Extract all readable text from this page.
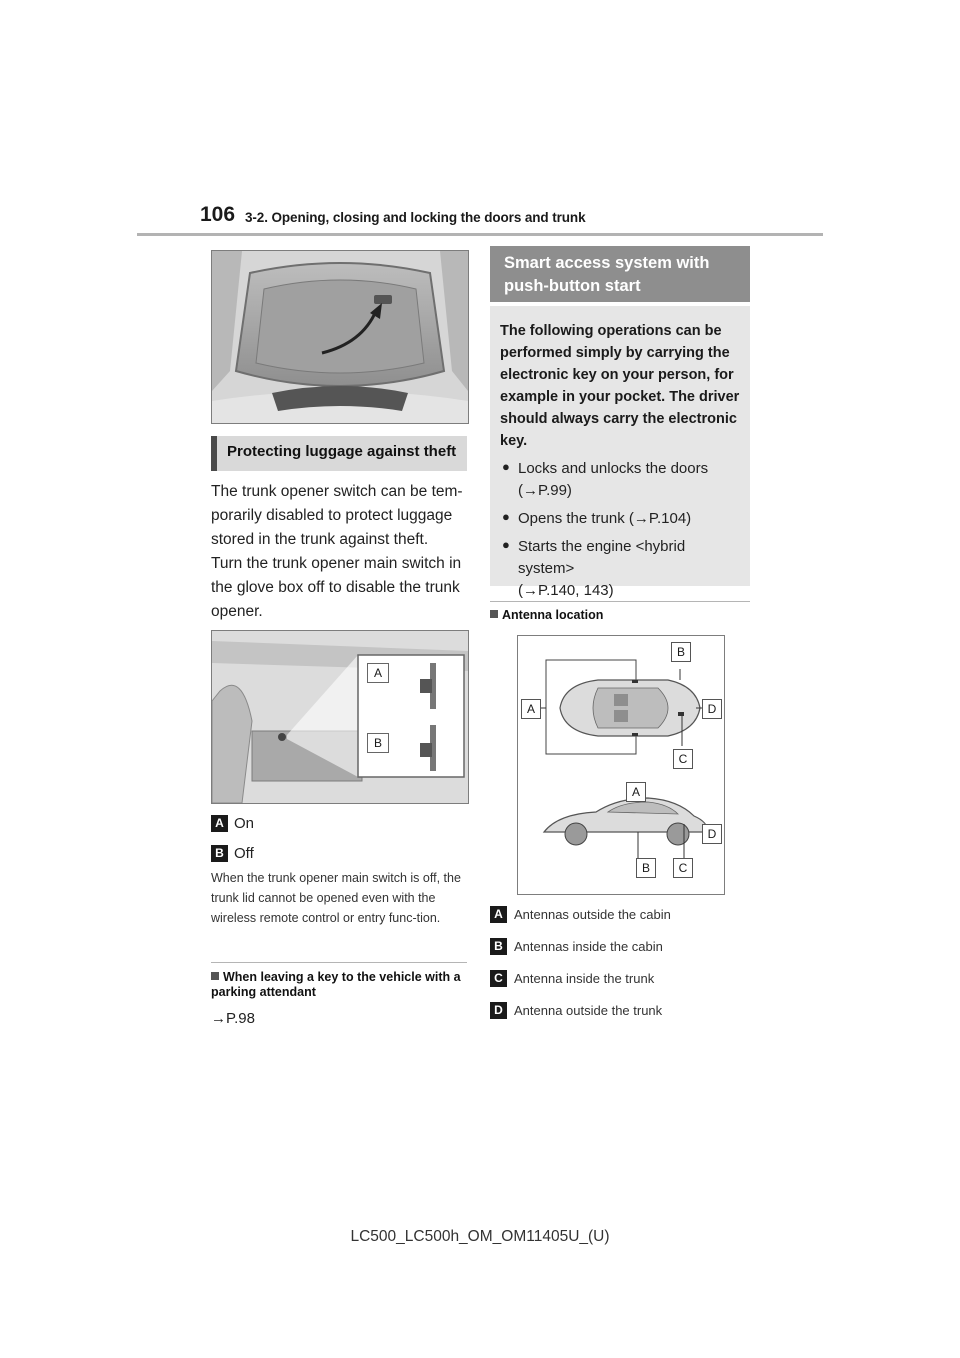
106 3-2. Opening, closing and locking the doors and trunk
Protecting luggage against theft
The trunk opener switch can be tem-porarily disabled to protect luggage stored in the trunk against theft.
Turn the trunk opener main switch in the glove box off to disable the trunk opener.
A
B
A On
B Off
When the trunk opener main switch is off, the trunk lid cannot be opened even with the wireless remote control or entry func-tion.
When leaving a key to the vehicle with a parking attendant
→P.98
Smart access system with
push-button start
The following operations can be performed simply by carrying the electronic key on your person, for example in your pocket. The driver should always carry the electronic key.
● Locks and unlocks the doors
(→P.99)
● Opens the trunk (→P.104)
● Starts the engine <hybrid system>
(→P.140, 143)
Antenna location
A
B
D
C
A
D
B	C
A Antennas outside the cabin
B Antennas inside the cabin
C Antenna inside the trunk
D Antenna outside the trunk
LC500_LC500h_OM_OM11405U_(U)
